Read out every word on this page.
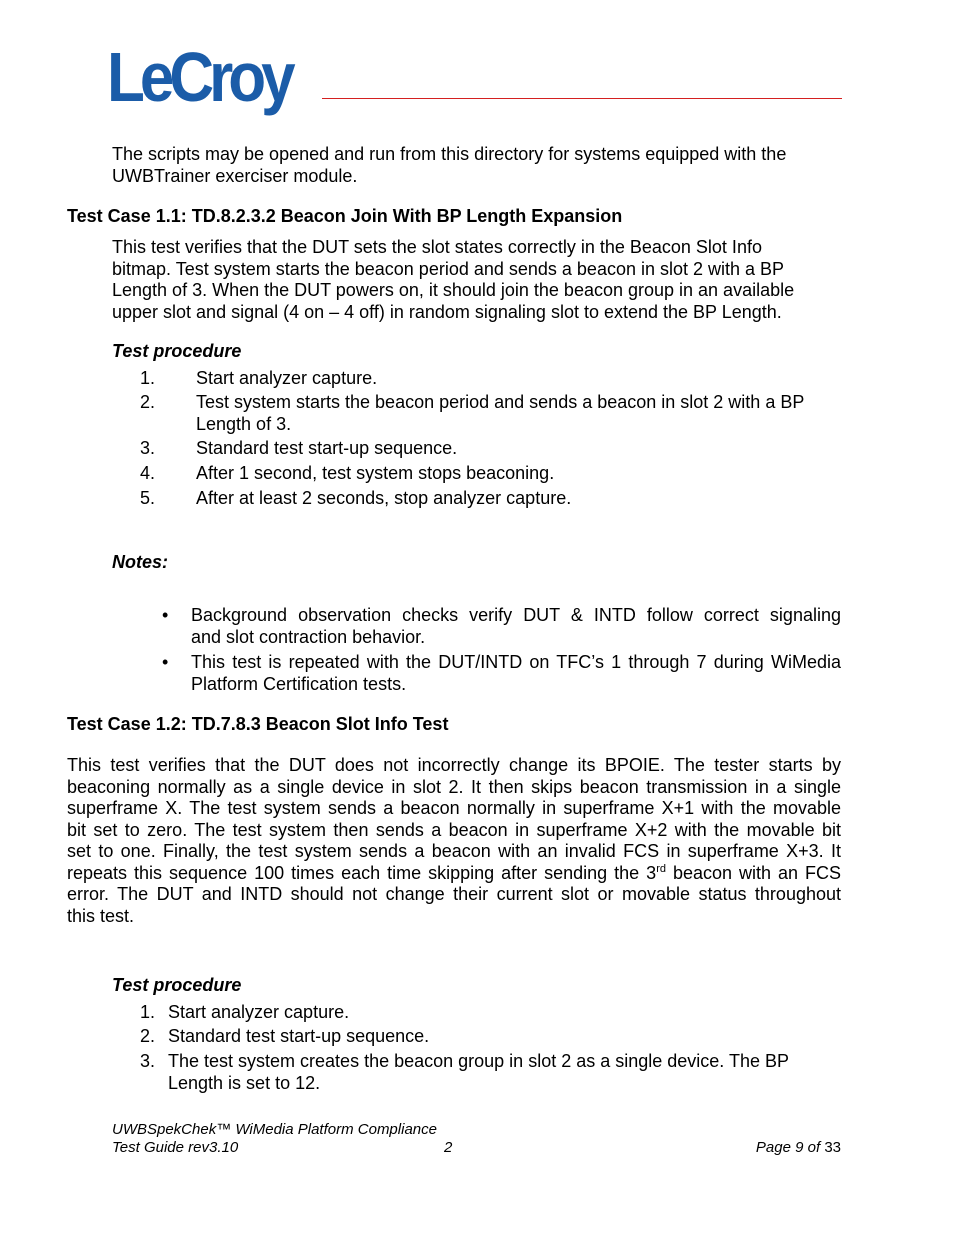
LeCroy
The scripts may be opened and run from this directory for systems equipped with the UWBTrainer exerciser module.
Test Case 1.1: TD.8.2.3.2 Beacon Join With BP Length Expansion
This test verifies that the DUT sets the slot states correctly in the Beacon Slot Info
bitmap. Test system starts the beacon period and sends a beacon in slot 2 with a BP
Length of 3. When the DUT powers on, it should join the beacon group in an available
upper slot and signal (4 on – 4 off) in random signaling slot to extend the BP Length.
Test procedure
1. Start analyzer capture.
2. Test system starts the beacon period and sends a beacon in slot 2 with a BP
Length of 3.
3. Standard test start-up sequence.
4. After 1 second, test system stops beaconing.
5. After at least 2 seconds, stop analyzer capture.
Notes:
• Background observation checks verify DUT & INTD follow correct signaling
and slot contraction behavior.
• This test is repeated with the DUT/INTD on TFC’s 1 through 7 during WiMedia
Platform Certification tests.
Test Case 1.2: TD.7.8.3 Beacon Slot Info Test
This test verifies that the DUT does not incorrectly change its BPOIE. The tester starts by
beaconing normally as a single device in slot 2. It then skips beacon transmission in a single
superframe X. The test system sends a beacon normally in superframe X+1 with the movable
bit set to zero. The test system then sends a beacon in superframe X+2 with the movable bit
set to one. Finally, the test system sends a beacon with an invalid FCS in superframe X+3. It
repeats this sequence 100 times each time skipping after sending the 3rd beacon with an FCS
error. The DUT and INTD should not change their current slot or movable status throughout
this test.
Test procedure
1. Start analyzer capture.
2. Standard test start-up sequence.
3. The test system creates the beacon group in slot 2 as a single device. The BP
Length is set to 12.
UWBSpekChek™ WiMedia Platform Compliance
Test Guide rev3.10	2	Page 9 of 33
